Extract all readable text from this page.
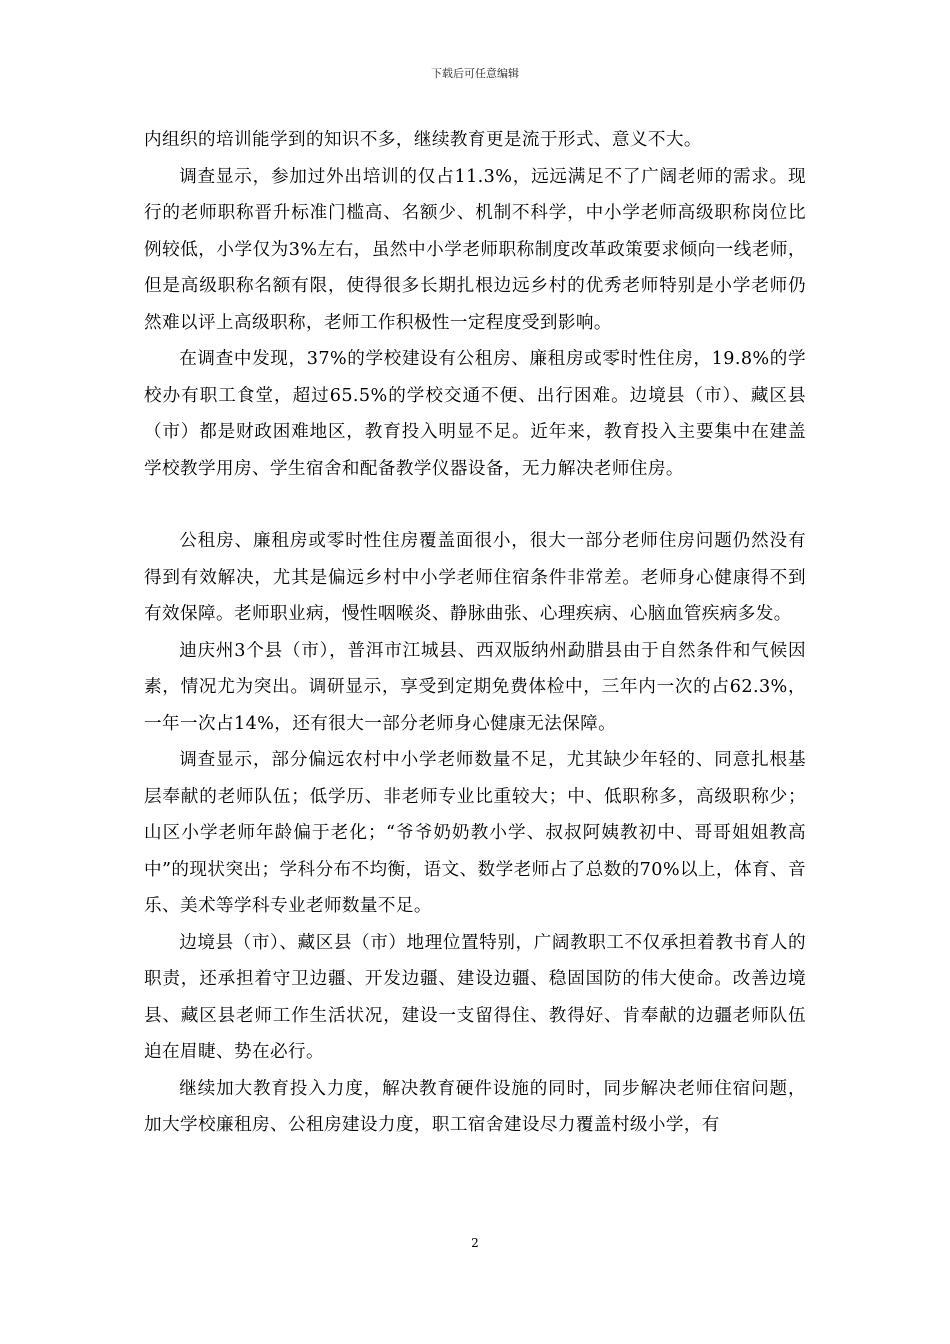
下载后可任意编辑

内组织的培训能学到的知识不多，继续教育更是流于形式、意义不大。

调查显示，参加过外出培训的仅占11.3%，远远满足不了广阔老师的需求。现行的老师职称晋升标准门槛高、名额少、机制不科学，中小学老师高级职称岗位比例较低，小学仅为3%左右，虽然中小学老师职称制度改革政策要求倾向一线老师，但是高级职称名额有限，使得很多长期扎根边远乡村的优秀老师特别是小学老师仍然难以评上高级职称，老师工作积极性一定程度受到影响。

在调查中发现，37%的学校建设有公租房、廉租房或零时性住房，19.8%的学校办有职工食堂，超过65.5%的学校交通不便、出行困难。边境县（市）、藏区县（市）都是财政困难地区，教育投入明显不足。近年来，教育投入主要集中在建盖学校教学用房、学生宿舍和配备教学仪器设备，无力解决老师住房。

公租房、廉租房或零时性住房覆盖面很小，很大一部分老师住房问题仍然没有得到有效解决，尤其是偏远乡村中小学老师住宿条件非常差。老师身心健康得不到有效保障。老师职业病，慢性咽喉炎、静脉曲张、心理疾病、心脑血管疾病多发。

迪庆州3个县（市），普洱市江城县、西双版纳州勐腊县由于自然条件和气候因素，情况尤为突出。调研显示，享受到定期免费体检中，三年内一次的占62.3%，一年一次占14%，还有很大一部分老师身心健康无法保障。

调查显示，部分偏远农村中小学老师数量不足，尤其缺少年轻的、同意扎根基层奉献的老师队伍；低学历、非老师专业比重较大；中、低职称多，高级职称少；山区小学老师年龄偏于老化；“爷爷奶奶教小学、叔叔阿姨教初中、哥哥姐姐教高中”的现状突出；学科分布不均衡，语文、数学老师占了总数的70%以上，体育、音乐、美术等学科专业老师数量不足。

边境县（市）、藏区县（市）地理位置特别，广阔教职工不仅承担着教书育人的职责，还承担着守卫边疆、开发边疆、建设边疆、稳固国防的伟大使命。改善边境县、藏区县老师工作生活状况，建设一支留得住、教得好、肯奉献的边疆老师队伍迫在眉睫、势在必行。

继续加大教育投入力度，解决教育硬件设施的同时，同步解决老师住宿问题，加大学校廉租房、公租房建设力度，职工宿舍建设尽力覆盖村级小学，有

2
